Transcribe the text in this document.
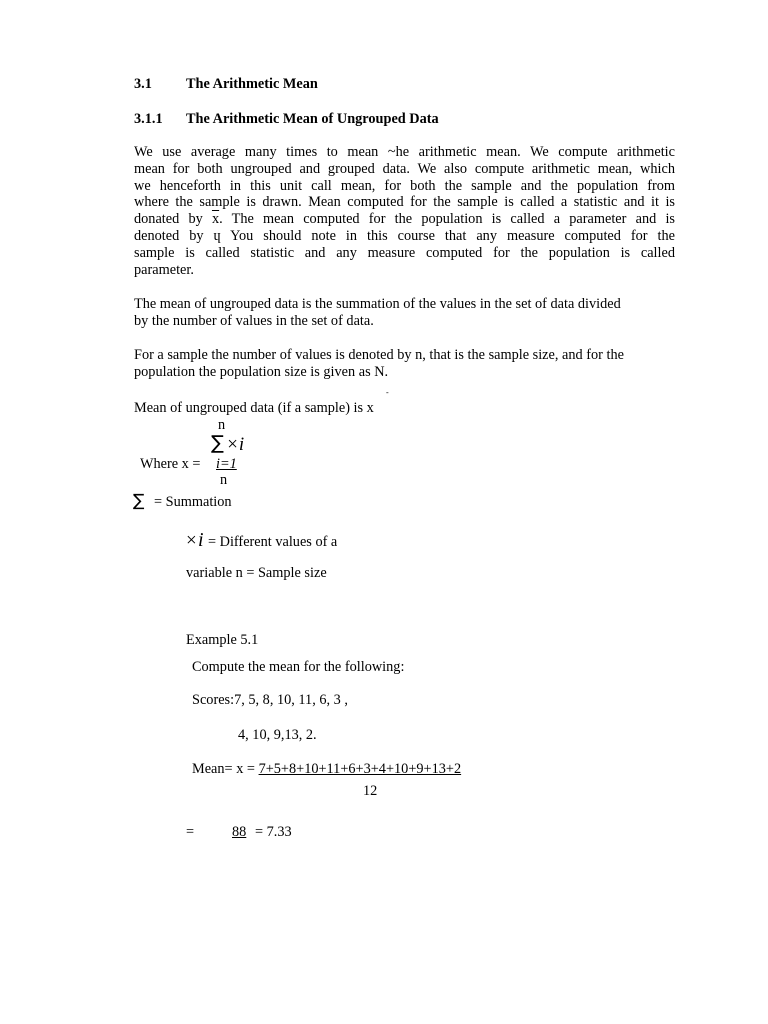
3.1 The Arithmetic Mean
3.1.1 The Arithmetic Mean of Ungrouped Data
We use average many times to mean ~he arithmetic mean. We compute arithmetic
mean for both ungrouped and grouped data. We also compute arithmetic mean, which
we henceforth in this unit call mean, for both the sample and the population from
where the sample is drawn. Mean computed for the sample is called a statistic and it is
donated by $\overline{x}$. The mean computed for the population is called a parameter and is
denoted by ɥ You should note in this course that any measure computed for the
sample is called statistic and any measure computed for the population is called
parameter.
The mean of ungrouped data is the summation of the values in the set of data divided
by the number of values in the set of data.
For a sample the number of values is denoted by n, that is the sample size, and for the
population the population size is given as N.
-
Mean of ungrouped data (if a sample) is x
n
∑ ×i
Where x = i=1
n
∑ = Summation
× i = Different values of a
variable n = Sample size
Example 5.1
Compute the mean for the following:
Scores:7, 5, 8, 10, 11, 6, 3 ,
4, 10, 9,13, 2.
Mean= x = 7+5+8+10+11+6+3+4+10+9+13+2
12
=	88 = 7.33
